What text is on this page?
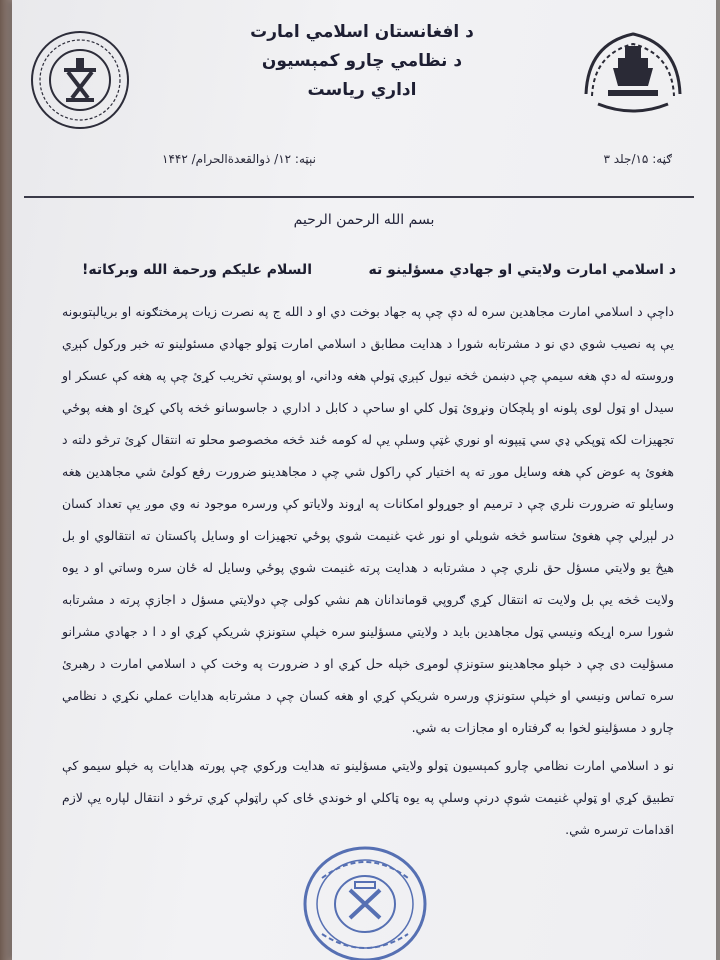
د افغانستان اسلامي امارت
د نظامي چارو کمېسيون
اداري رياست
ګڼه: ۱۵/جلد ۳
نېټه: ۱۲/ ذوالقعدةالحرام/ ۱۴۴۲
بسم الله الرحمن الرحيم
د اسلامي امارت ولايتي او جهادي مسؤلينو ته
السلام عليکم ورحمة الله وبرکاته!

داچې د اسلامي امارت مجاهدين سره له دې چې په جهاد بوخت دي او د الله ج په نصرت زيات پرمختګونه او بريالېتوبونه يې په نصيب شوي دي نو د مشرتابه شورا د هدايت مطابق د اسلامي امارت ټولو جهادي مسئولينو ته خبر ورکول کېږي وروسته له دې هغه سيمې چې دښمن څخه نيول کېږي ټولې هغه وداني، او پوستې تخريب کړئ چې په هغه کې عسکر او سيدل او ټول لوی پلونه او پلچکان ونړوئ ټول کلي او ساحې د کابل د اداري د جاسوسانو څخه پاکي کړئ او هغه پوځي تجهيزات لکه ټوپکي ډي سي ټيپونه او نوري غټې وسلې يې له کومه ځند څخه مخصوصو محلو ته انتقال کړئ ترڅو دلته د هغوئ په عوض کې هغه وسايل موږ ته په اختيار کې راکول شي چې د مجاهدينو ضرورت رفع کولئ شي مجاهدين هغه وسايلو ته ضرورت نلري چې د ترميم او جوړولو امکانات په اړوند ولاياتو کې ورسره موجود نه وي موږ يې تعداد کسان در لېږلي چې هغوئ ستاسو څخه شوېلي او نور غټ غنيمت شوي پوځي تجهيزات او وسايل پاکستان ته انتقالوي او بل هيڅ يو ولايتي مسؤل حق نلري چې د مشرتابه د هدايت پرته غنيمت شوي پوځي وسايل له ځان سره وساتي او د يوه ولايت څخه يې بل ولايت ته انتقال کړي ګروپي قوماندانان هم نشي کولی چې دولايتي مسؤل د اجازې پرته د مشرتابه شورا سره اړيکه ونيسي ټول مجاهدين بايد د ولايتي مسؤلينو سره خپلې ستونزې شريکې کړي او د ا د جهادي مشرانو مسؤليت دی چې د خپلو مجاهدينو ستونزې لومړی خپله حل کړي او د ضرورت په وخت کې د اسلامي امارت د رهبرئ سره تماس ونيسي او خپلې ستونزې ورسره شريکې کړي او هغه کسان چې د مشرتابه هدايات عملي نکړي د نظامي چارو د مسؤلينو لخوا به ګرفتاره او مجازات به شي.

نو د اسلامي امارت نظامي چارو کمېسيون ټولو ولايتي مسؤلينو ته هدايت ورکوي چې پورته هدايات په خپلو سيمو کې تطبيق کړي او ټولې غنيمت شوې درنې وسلې په يوه ټاکلي او خوندي ځای کې راټولې کړي ترڅو د انتقال لپاره يې لازم اقدامات ترسره شي.
